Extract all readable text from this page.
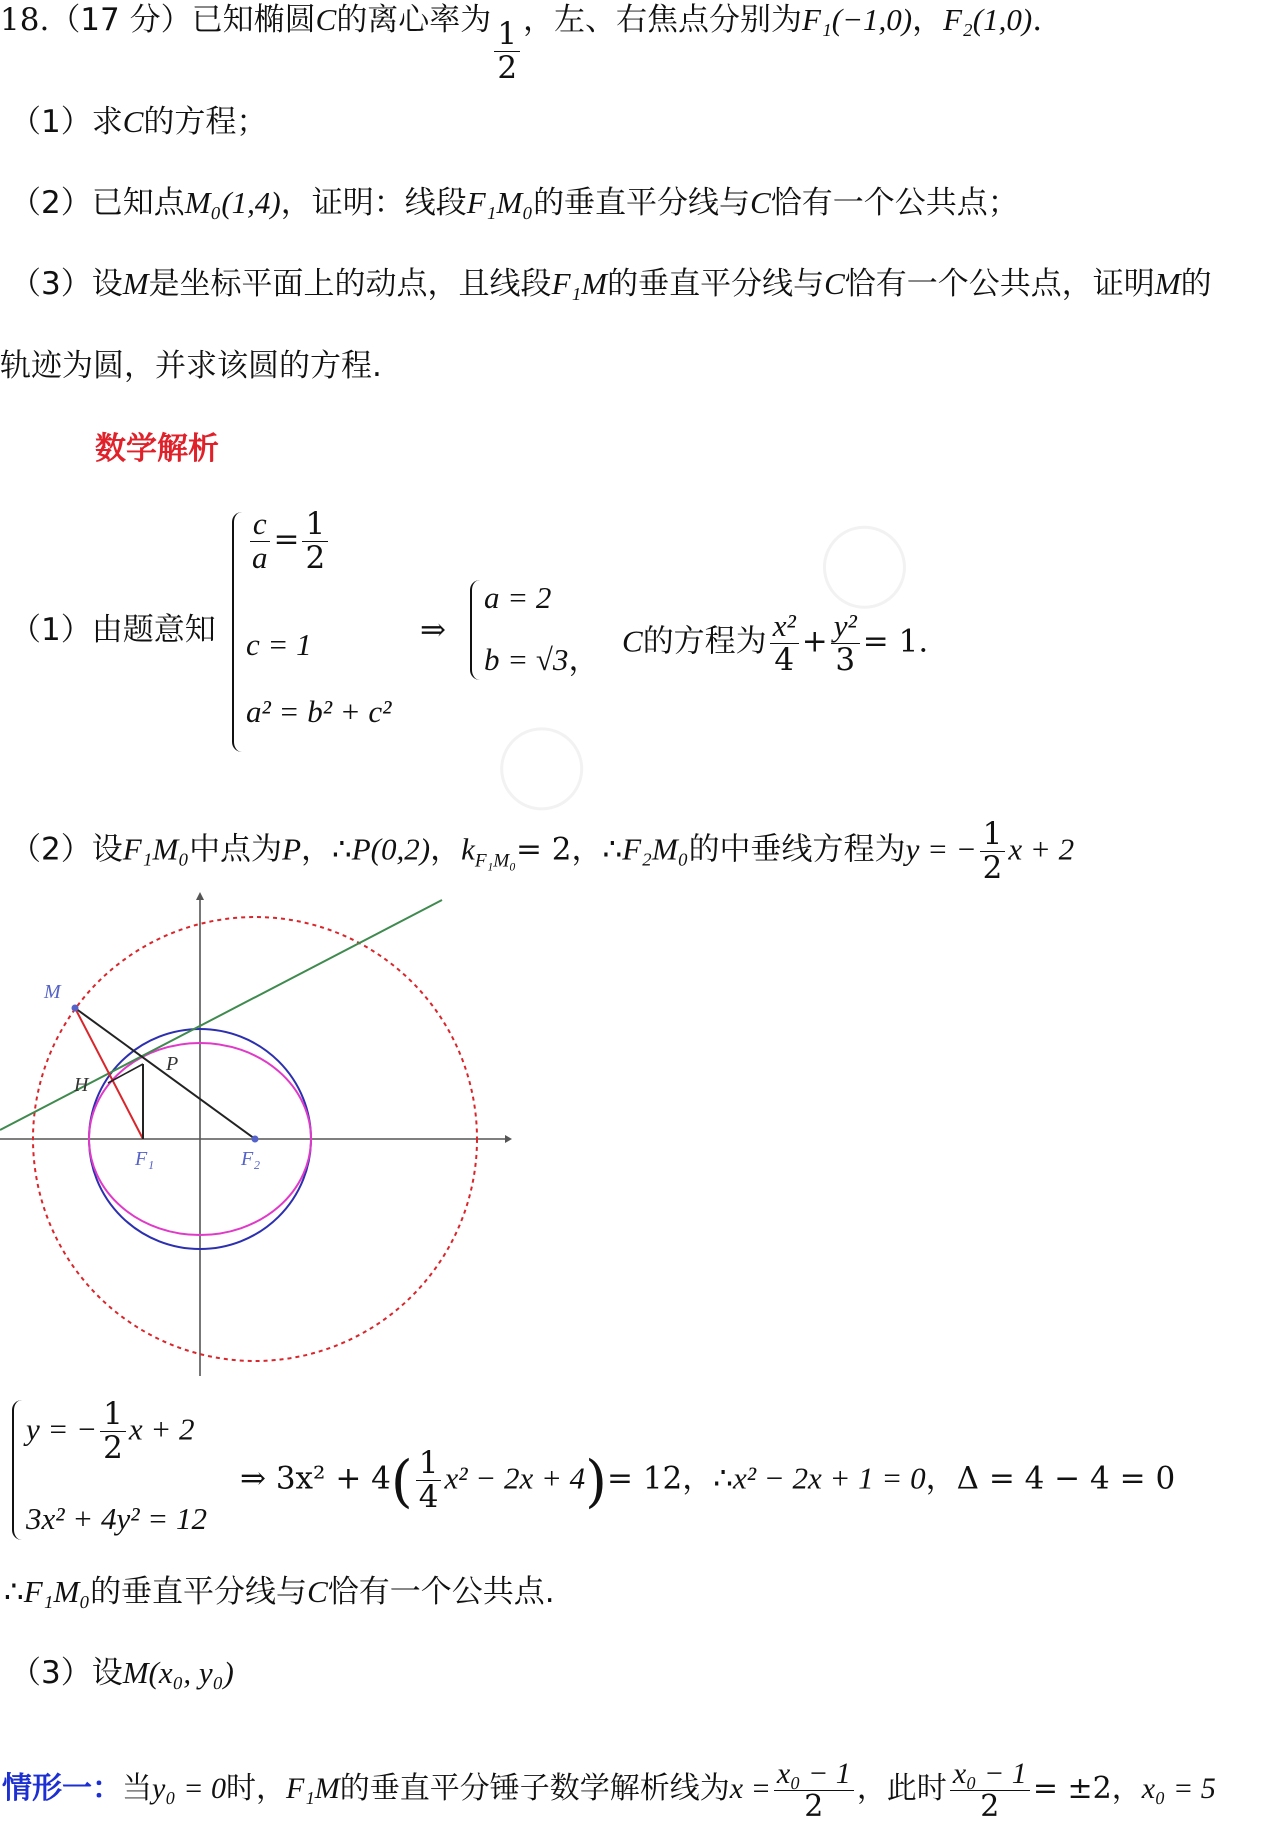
18.（17 分）已知椭圆C的离心率为 $\frac{1}{2}$ ，左、右焦点分别为F₁(−1,0)，F₂(1,0).
（1）求C的方程；
（2）已知点M₀(1,4)，证明：线段F₁M₀的垂直平分线与C恰有一个公共点；
（3）设M是坐标平面上的动点，且线段F₁M的垂直平分线与C恰有一个公共点，证明M的
轨迹为圆，并求该圆的方程.
数学解析
（1）由题意知
$\frac{c}{a} = \frac{1}{2}$
c = 1
a² = b² + c²
⇒
a = 2
b = √3，
C的方程为 $\frac{\text{x²}}{4} + \frac{\text{y²}}{3} = 1$.
（2）设F₁M₀中点为P，∴P(0,2)，$k_{F_1M_0}= 2$，∴F₂M₀的中垂线方程为y = − $\frac{1}{2}$ x + 2
M
P
H
F₁	F₂
y = − $\frac{1}{2}$ x + 2
3x² + 4y² = 12
⇒ $3x^2 + 4( \frac{1}{4} x^2 - 2x + 4)= 12$，∴x² − 2x + 1 = 0，Δ = 4 − 4 = 0
∴F₁M₀的垂直平分线与C恰有一个公共点.
（3）设M(x₀, y₀)
情形一：当y₀ = 0时，F₁M的垂直平分锤子数学解析线为$x = \frac{\text{x₀ − 1}}{2}$ ，此时 $\frac{\text{x₀ − 1}}{2} = \pm 2$，x₀ = 5
